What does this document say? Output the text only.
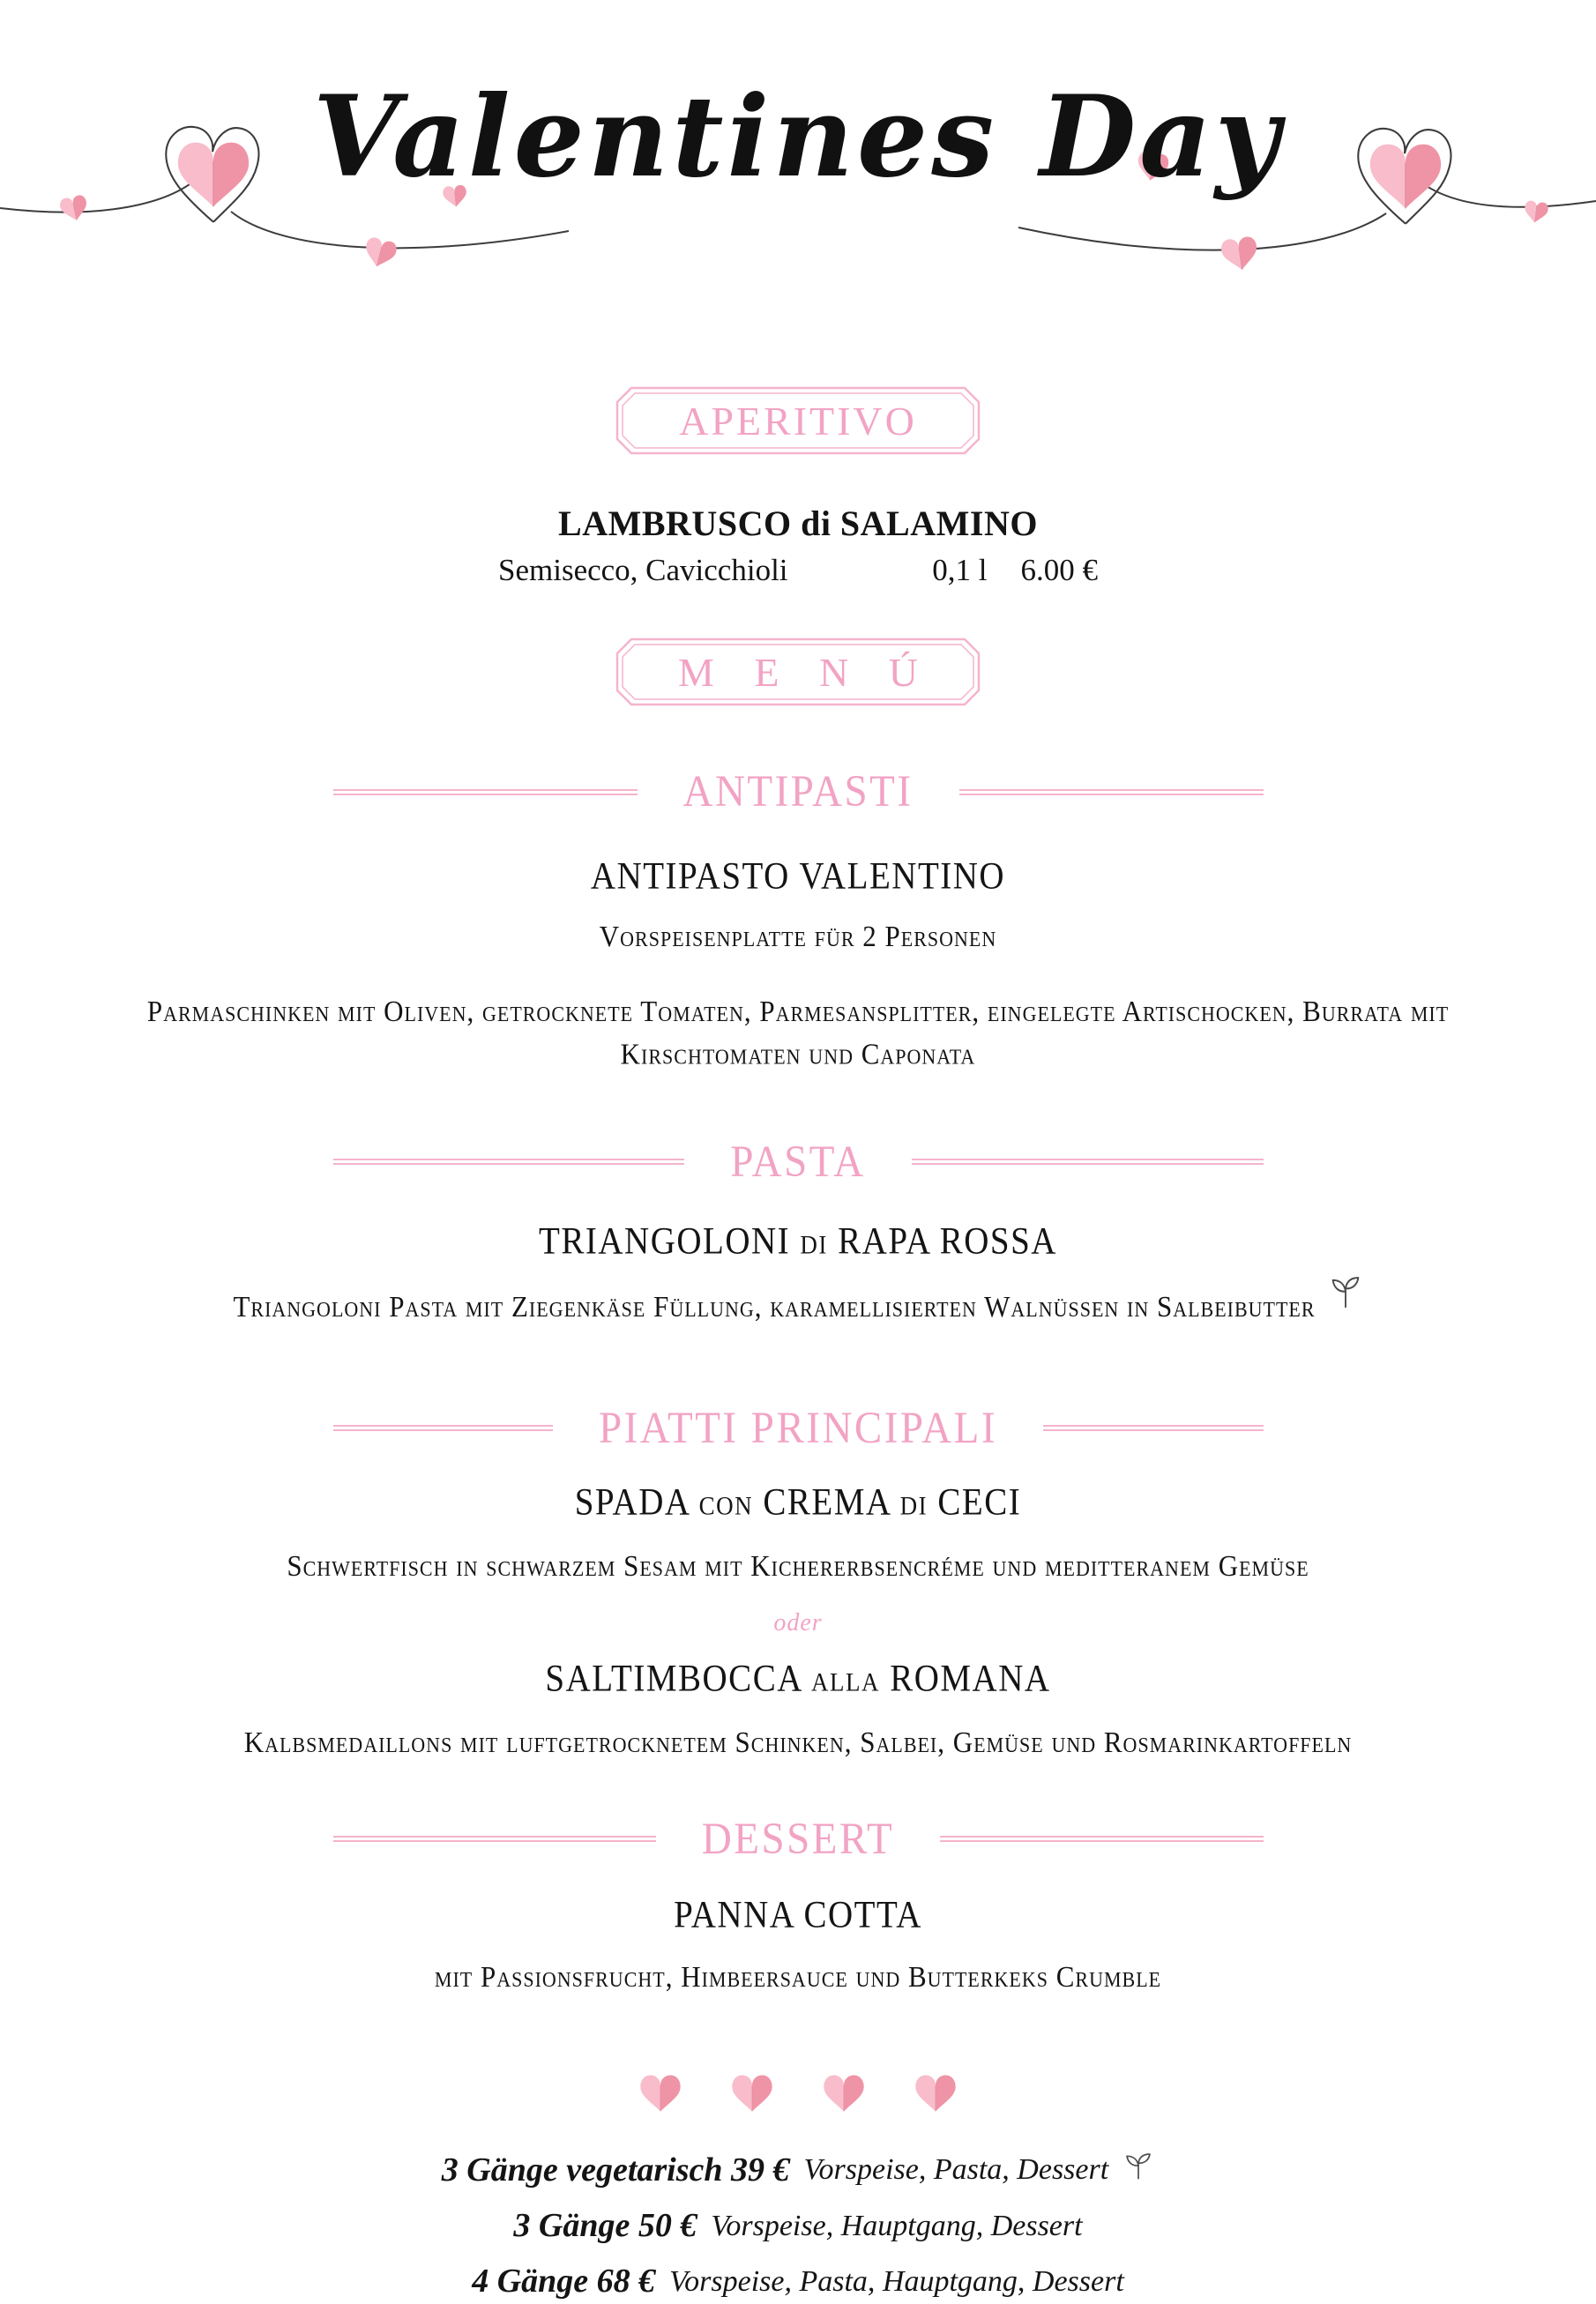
Valentines Day
APERITIVO
LAMBRUSCO di SALAMINO
Semisecco, Cavicchioli	0,1 l 6.00 €
M E N Ú
ANTIPASTI
ANTIPASTO VALENTINO
Vorspeisenplatte für 2 Personen
Parmaschinken mit Oliven, getrocknete Tomaten, Parmesansplitter, eingelegte Artischocken, Burrata mit Kirschtomaten und Caponata
PASTA
TRIANGOLONI di RAPA ROSSA
Triangoloni Pasta mit Ziegenkäse Füllung, karamellisierten Walnüssen in Salbeibutter
PIATTI PRINCIPALI
SPADA con CREMA di CECI
Schwertfisch in schwarzem Sesam mit Kichererbsencréme und meditteranem Gemüse
oder
SALTIMBOCCA alla ROMANA
Kalbsmedaillons mit luftgetrocknetem Schinken, Salbei, Gemüse und Rosmarinkartoffeln
DESSERT
PANNA COTTA
mit Passionsfrucht, Himbeersauce und Butterkeks Crumble
3 Gänge vegetarisch 39 € Vorspeise, Pasta, Dessert
3 Gänge 50 € Vorspeise, Hauptgang, Dessert
4 Gänge 68 € Vorspeise, Pasta, Hauptgang, Dessert
